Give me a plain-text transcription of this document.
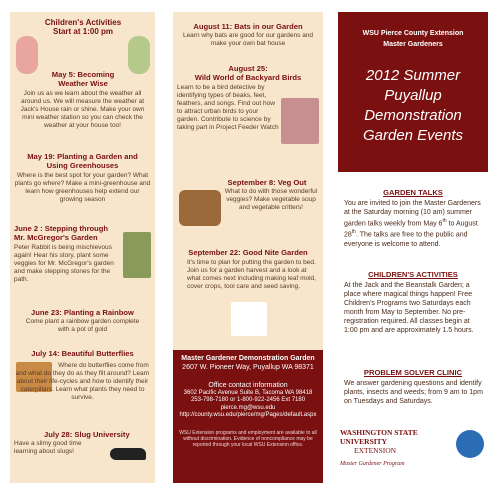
Children's Activities
Start at 1:00 pm
May 5: Becoming
Weather Wise
Join us as we learn about the weather all around us. We will measure the weather at Jack's House rain or shine. Make your own mini weather station so you can check the weather at your house too!
May 19: Planting a Garden and
Using Greenhouses
Where is the best spot for your garden? What plants go where? Make a mini-greenhouse and learn how greenhouses help extend our growing season
June 2 : Stepping through
Mr. McGregor's Garden
Peter Rabbit is being mischievous again! Hear his story, plant some veggies for Mr. McGregor's garden and make stepping stones for the path.
June 23: Planting a Rainbow
Come plant a rainbow garden complete with a pot of gold
July 14: Beautiful Butterflies
Where do butterflies come from and what do they do as they flit around? Learn about their life-cycles and how to identify their caterpillars. Learn what plants they need to survive.
July 28: Slug University
Have a slimy good time learning about slugs!
August 11: Bats in our Garden
Learn why bats are good for our gardens and make your own bat house
August 25:
Wild World of Backyard Birds
Learn to be a bird detective by identifying types of beaks, feet, feathers, and songs. Find out how to attract urban birds to your garden. Contribute to science by taking part in Project Feeder Watch
September 8: Veg Out
What to do with those wonderful veggies? Make vegetable soup and vegetable critters!
September 22: Good Nite Garden
It's time to plan for putting the garden to bed. Join us for a garden harvest and a look at what comes next including making leaf mold, cover crops, tool care and seed saving.
Master Gardener Demonstration Garden
2607 W. Pioneer Way, Puyallup WA 98371
Office contact information
3602 Pacific Avenue Suite B, Tacoma WA 98418
253-798-7180 or 1-800-922-2456 Ext 7180
pierce.mg@wsu.edu
http://county.wsu.edu/pierce/mg/Pages/default.aspx
WSU Extension programs and employment are available to all without discrimination. Evidence of noncompliance may be reported through your local WSU Extension office.
WSU Pierce County Extension
Master Gardeners
2012 Summer
Puyallup
Demonstration
Garden Events
GARDEN TALKS
You are invited to join the Master Gardeners at the Saturday morning (10 am) summer garden talks weekly from May 6th to August 28th. The talks are free to the public and everyone is welcome to attend.
CHILDREN'S ACTIVITIES
At the Jack and the Beanstalk Garden; a place where magical things happen! Free Children's Programs two Saturdays each month from May to September. No pre-registration required. All classes begin at 1:00 pm and are approximately 1.5 hours.
PROBLEM SOLVER CLINIC
We answer gardening questions and identify plants, insects and weeds; from 9 am to 1pm on Tuesdays and Saturdays.
WASHINGTON STATE UNIVERSITY
EXTENSION
Master Gardener Program
